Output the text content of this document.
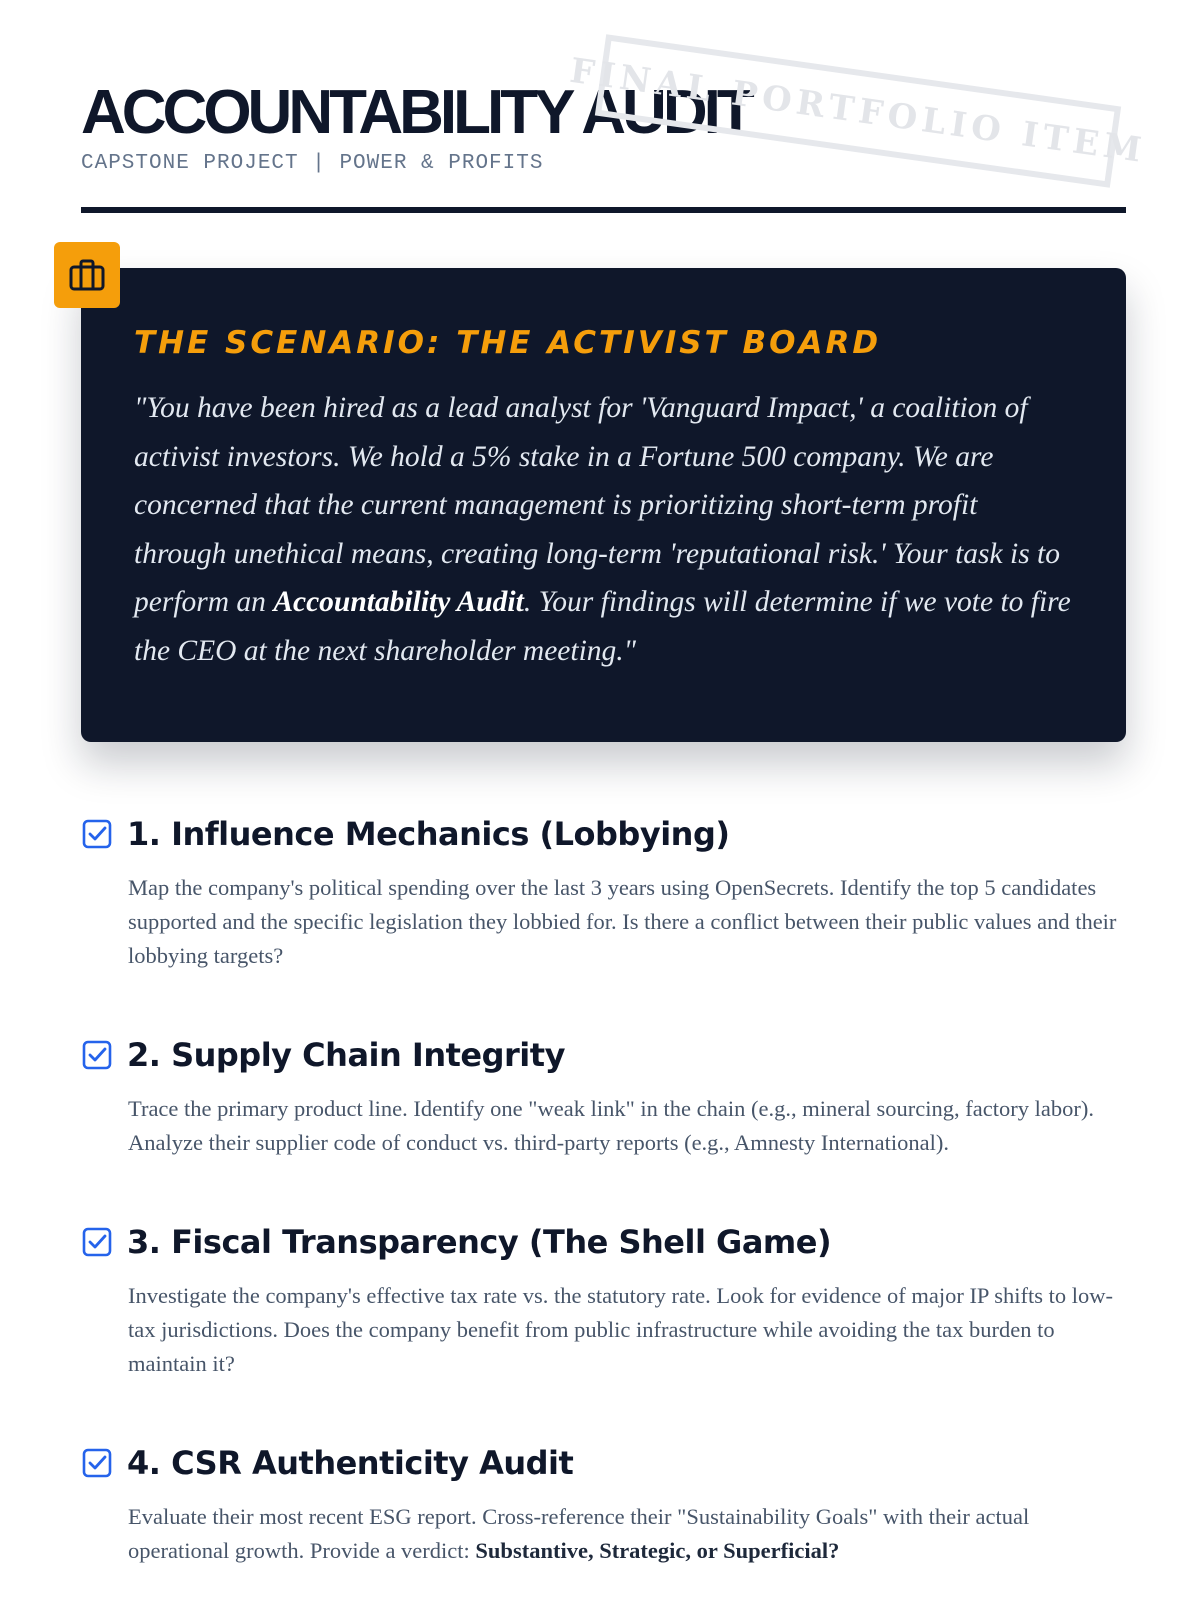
ACCOUNTABILITY AUDIT
CAPSTONE PROJECT | POWER & PROFITS FINAL PORTFOLIO ITEM
THE SCENARIO: THE ACTIVIST BOARD

"You have been hired as a lead analyst for 'Vanguard Impact,' a coalition of activist investors. We hold a 5% stake in a Fortune 500 company. We are concerned that the current management is prioritizing short-term profit through unethical means, creating long-term 'reputational risk.' Your task is to perform an Accountability Audit. Your findings will determine if we vote to fire the CEO at the next shareholder meeting."

1. Influence Mechanics (Lobbying)

Map the company's political spending over the last 3 years using OpenSecrets. Identify the top 5 candidates supported and the specific legislation they lobbied for. Is there a conflict between their public values and their lobbying targets?

2. Supply Chain Integrity

Trace the primary product line. Identify one "weak link" in the chain (e.g., mineral sourcing, factory labor). Analyze their supplier code of conduct vs. third-party reports (e.g., Amnesty International).

3. Fiscal Transparency (The Shell Game)

Investigate the company's effective tax rate vs. the statutory rate. Look for evidence of major IP shifts to low-tax jurisdictions. Does the company benefit from public infrastructure while avoiding the tax burden to maintain it?

4. CSR Authenticity Audit

Evaluate their most recent ESG report. Cross-reference their "Sustainability Goals" with their actual operational growth. Provide a verdict: Substantive, Strategic, or Superficial?
